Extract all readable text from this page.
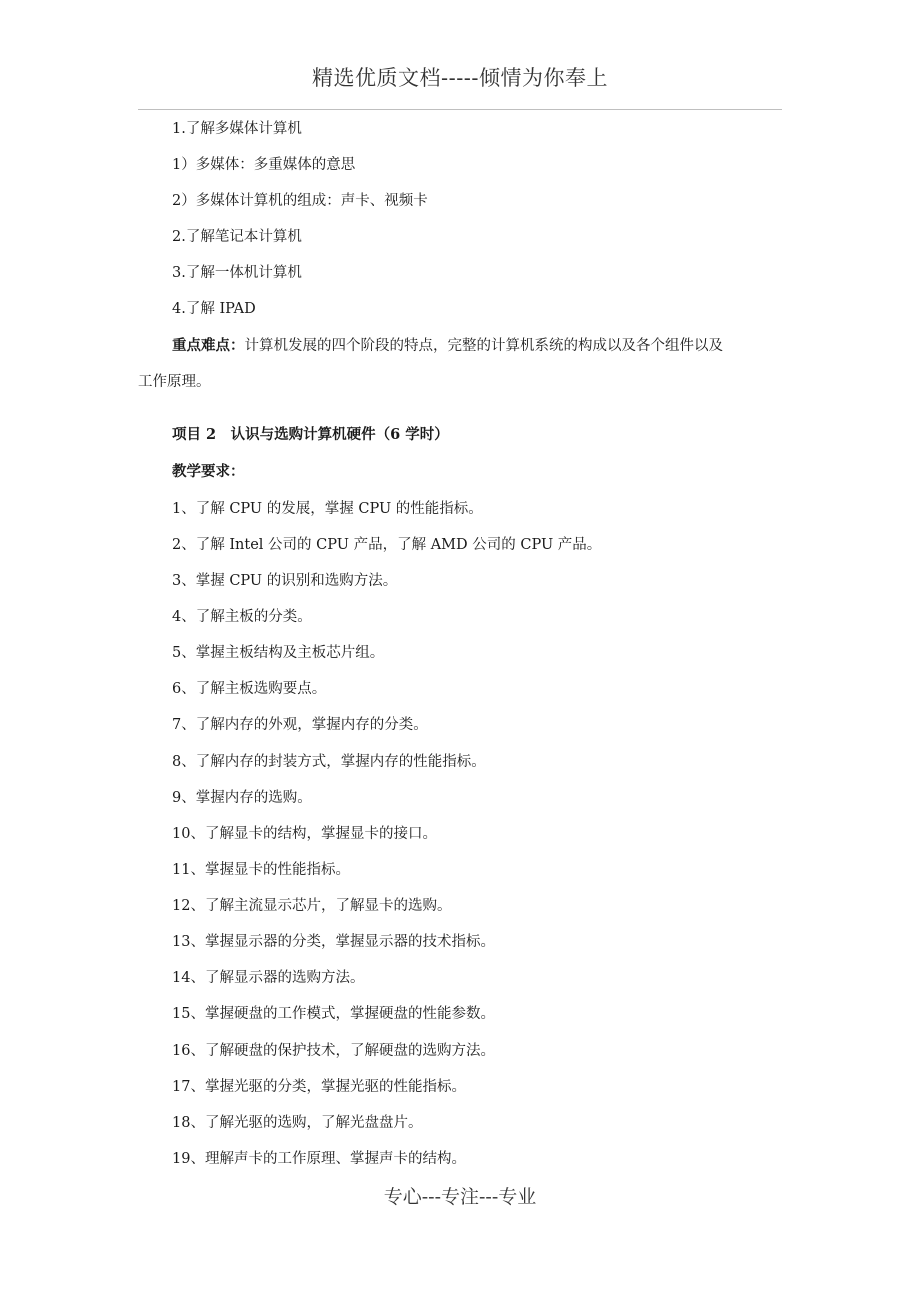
精选优质文档-----倾情为你奉上
1.了解多媒体计算机
1）多媒体：多重媒体的意思
2）多媒体计算机的组成：声卡、视频卡
2.了解笔记本计算机
3.了解一体机计算机
4.了解 IPAD
重点难点：计算机发展的四个阶段的特点，完整的计算机系统的构成以及各个组件以及
工作原理。
项目 2　认识与选购计算机硬件（6 学时）
教学要求：
1、了解 CPU 的发展，掌握 CPU 的性能指标。
2、了解 Intel 公司的 CPU 产品，了解 AMD 公司的 CPU 产品。
3、掌握 CPU 的识别和选购方法。
4、了解主板的分类。
5、掌握主板结构及主板芯片组。
6、了解主板选购要点。
7、了解内存的外观，掌握内存的分类。
8、了解内存的封装方式，掌握内存的性能指标。
9、掌握内存的选购。
10、了解显卡的结构，掌握显卡的接口。
11、掌握显卡的性能指标。
12、了解主流显示芯片，了解显卡的选购。
13、掌握显示器的分类，掌握显示器的技术指标。
14、了解显示器的选购方法。
15、掌握硬盘的工作模式，掌握硬盘的性能参数。
16、了解硬盘的保护技术，了解硬盘的选购方法。
17、掌握光驱的分类，掌握光驱的性能指标。
18、了解光驱的选购，了解光盘盘片。
19、理解声卡的工作原理、掌握声卡的结构。
专心---专注---专业
